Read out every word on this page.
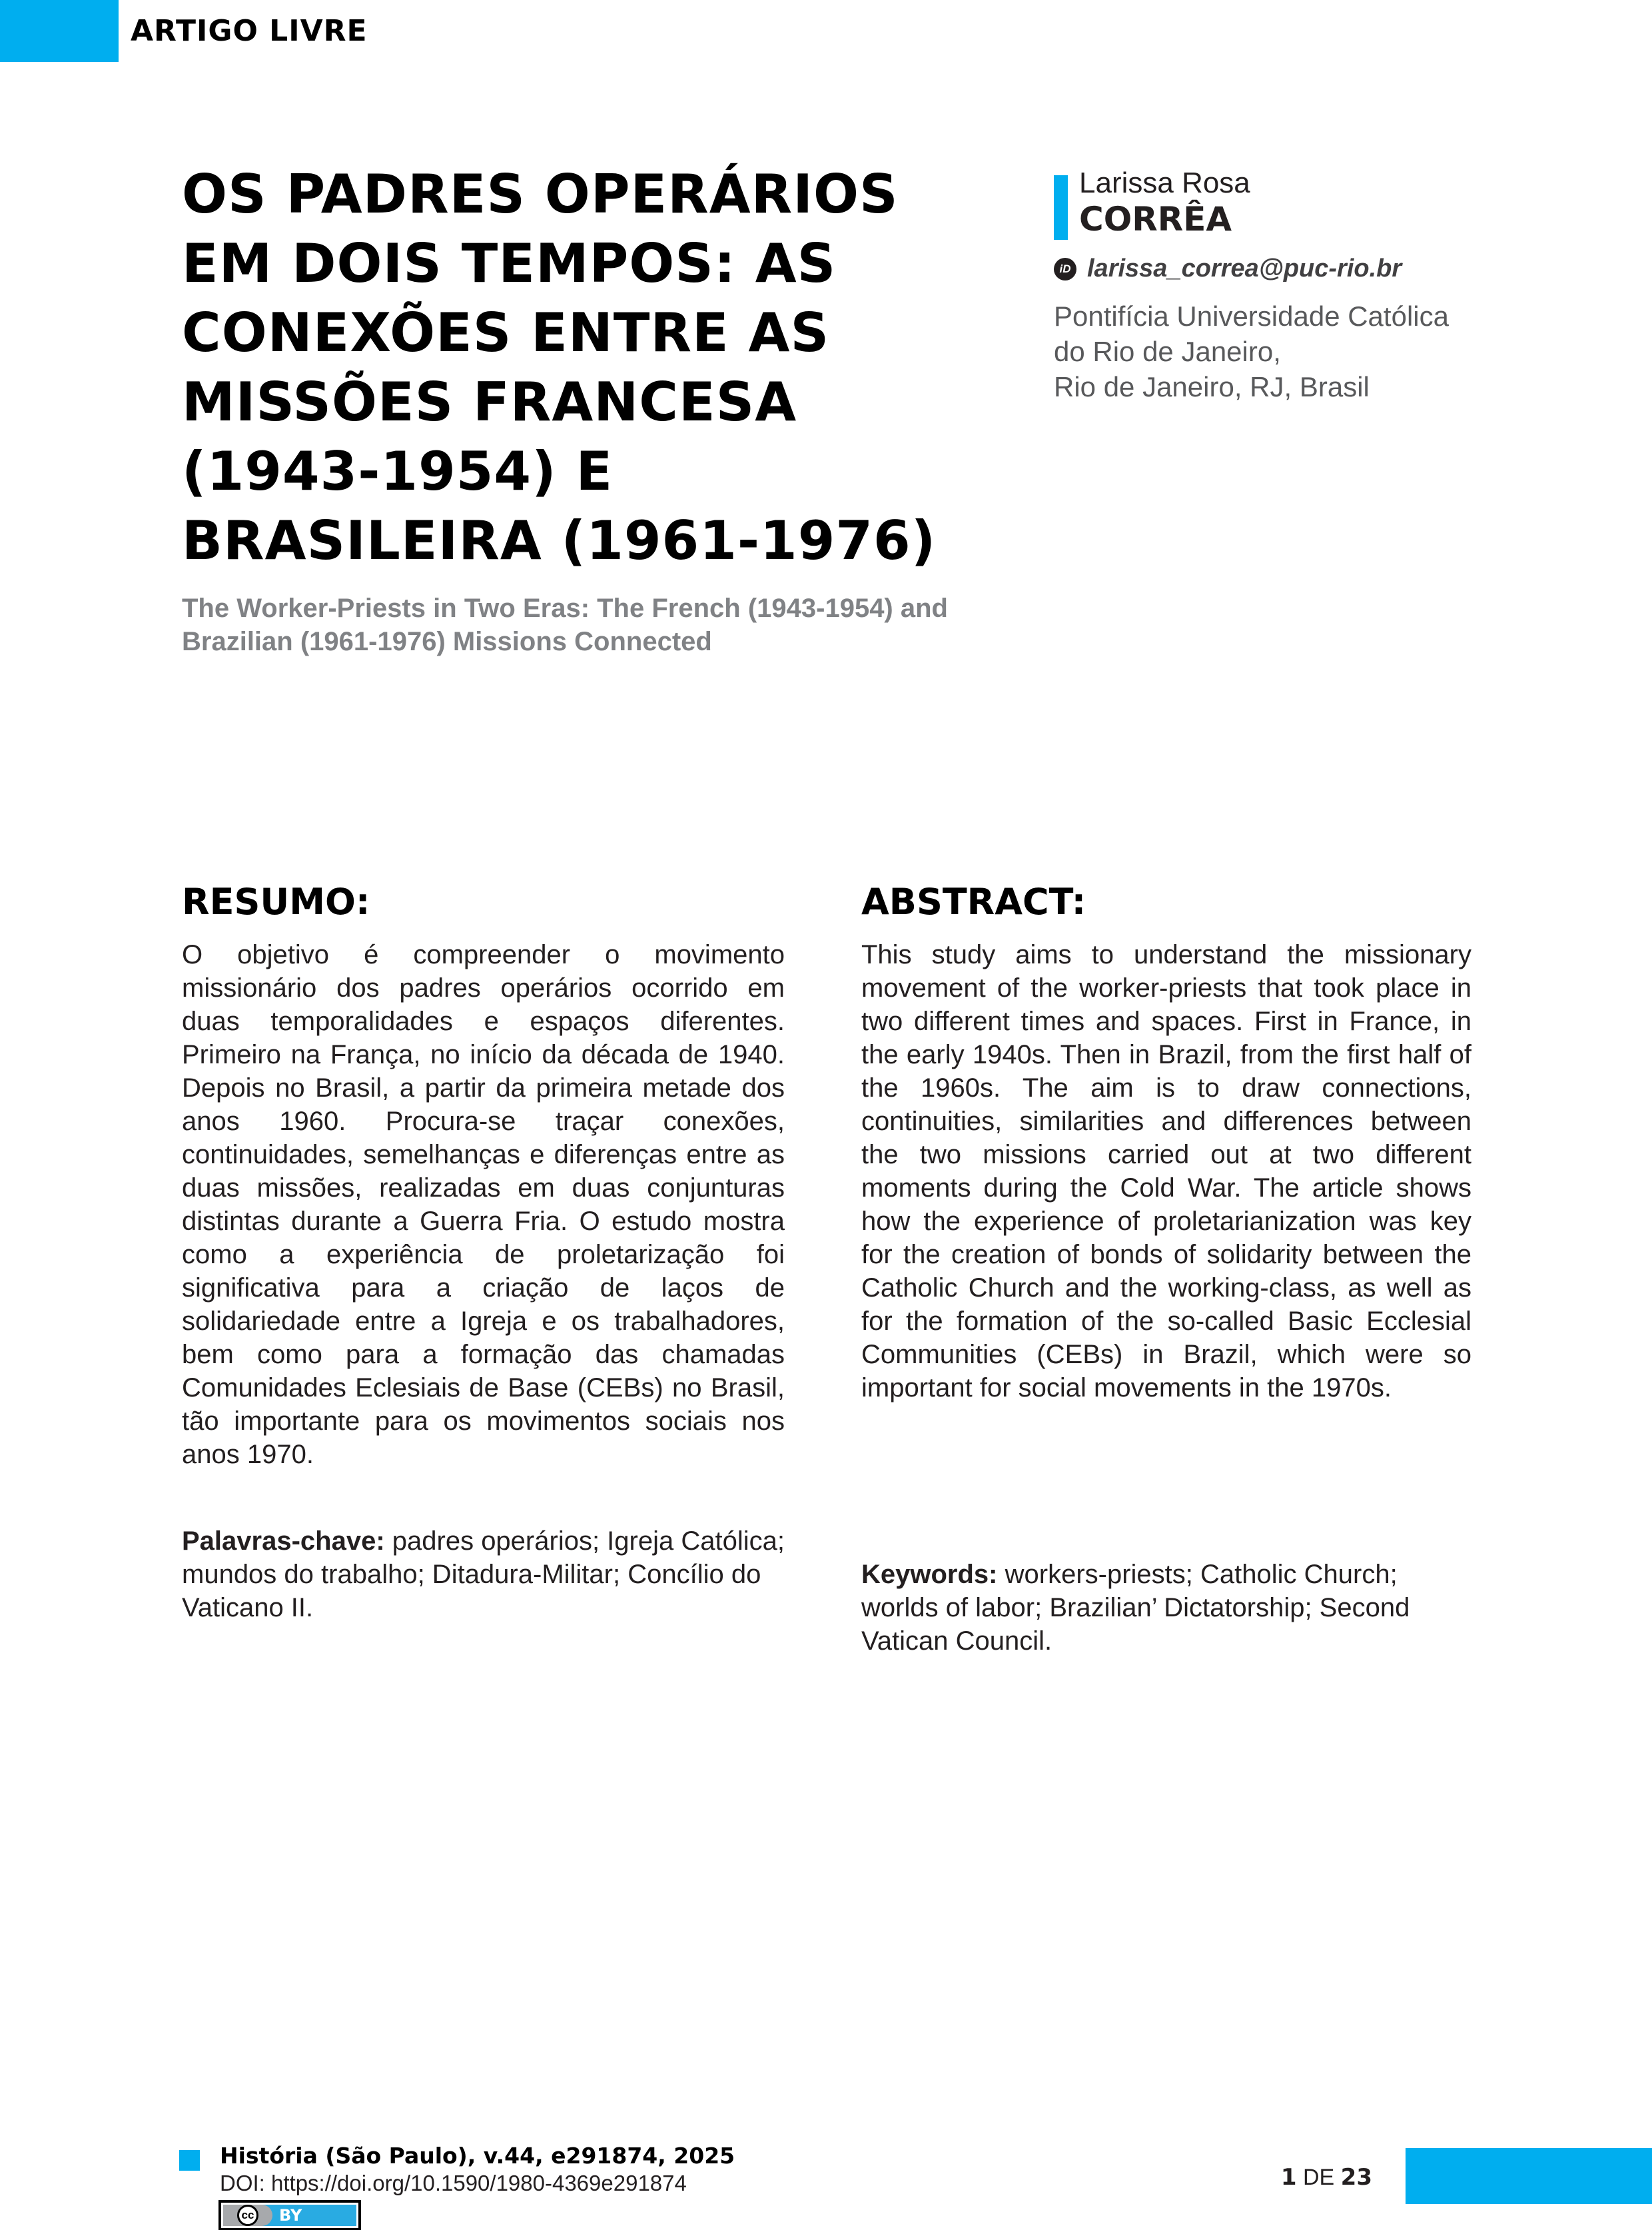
ARTIGO LIVRE
OS PADRES OPERÁRIOS
EM DOIS TEMPOS: AS
CONEXÕES ENTRE AS
MISSÕES FRANCESA
(1943-1954) E
BRASILEIRA (1961-1976)
The Worker-Priests in Two Eras: The French (1943-1954) and
Brazilian (1961-1976) Missions Connected
Larissa Rosa
CORRÊA
iD larissa_correa@puc-rio.br
Pontifícia Universidade Católica
do Rio de Janeiro,
Rio de Janeiro, RJ, Brasil
RESUMO:
O objetivo é compreender o movimento missionário dos padres operários ocorrido em duas temporalidades e espaços diferentes. Primeiro na França, no início da década de 1940. Depois no Brasil, a partir da primeira metade dos anos 1960. Procura-se traçar conexões, continuidades, semelhanças e diferenças entre as duas missões, realizadas em duas conjunturas distintas durante a Guerra Fria. O estudo mostra como a experiência de proletarização foi significativa para a criação de laços de solidariedade entre a Igreja e os trabalhadores, bem como para a formação das chamadas Comunidades Eclesiais de Base (CEBs) no Brasil, tão importante para os movimentos sociais nos anos 1970.
Palavras-chave: padres operários; Igreja Católica; mundos do trabalho; Ditadura-Militar; Concílio do Vaticano II.
ABSTRACT:
This study aims to understand the missionary movement of the worker-priests that took place in two different times and spaces. First in France, in the early 1940s. Then in Brazil, from the first half of the 1960s. The aim is to draw connections, continuities, similarities and differences between the two missions carried out at two different moments during the Cold War. The article shows how the experience of proletarianization was key for the creation of bonds of solidarity between the Catholic Church and the working-class, as well as for the formation of the so-called Basic Ecclesial Communities (CEBs) in Brazil, which were so important for social movements in the 1970s.
Keywords: workers-priests; Catholic Church; worlds of labor; Brazilian’ Dictatorship; Second Vatican Council.
História (São Paulo), v.44, e291874, 2025
DOI: https://doi.org/10.1590/1980-4369e291874
cc BY
1 DE 23
